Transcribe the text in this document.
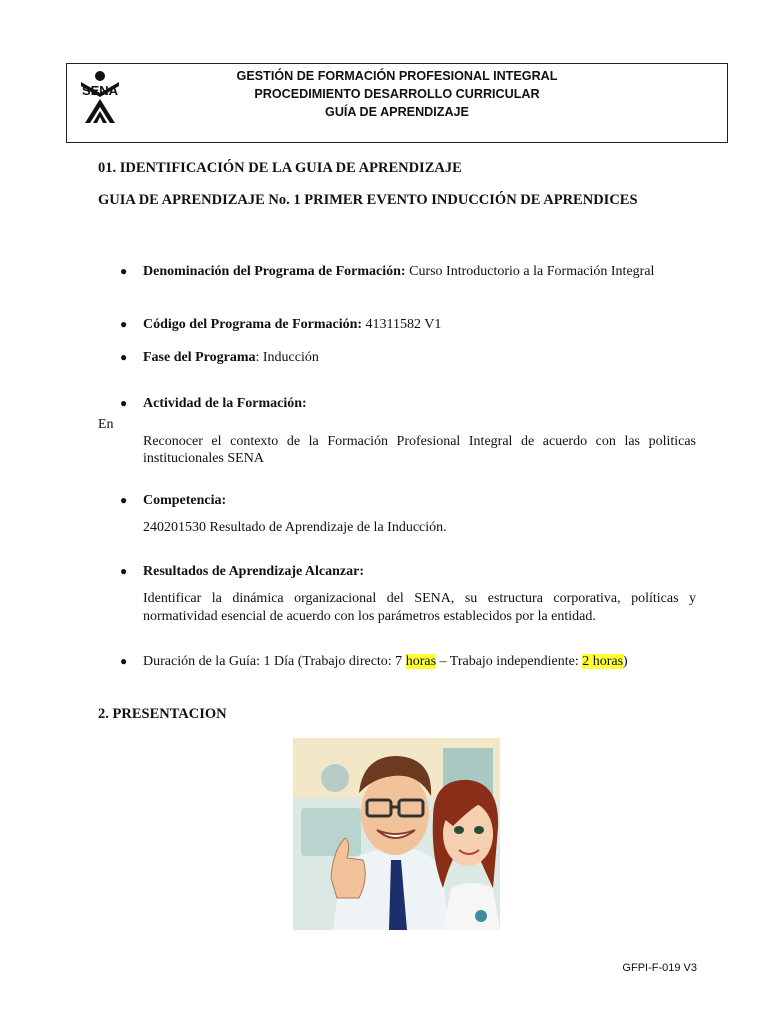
SENA
GESTIÓN DE FORMACIÓN PROFESIONAL INTEGRAL
PROCEDIMIENTO DESARROLLO CURRICULAR
GUÍA DE APRENDIZAJE
01. IDENTIFICACIÓN DE LA GUIA DE APRENDIZAJE
GUIA DE APRENDIZAJE No. 1 PRIMER EVENTO INDUCCIÓN DE APRENDICES
● Denominación del Programa de Formación: Curso Introductorio a la Formación Integral
● Código del Programa de Formación: 41311582 V1
● Fase del Programa: Inducción
● Actividad de la Formación:
En
Reconocer el contexto de la Formación Profesional Integral de acuerdo con las politicas institucionales SENA
● Competencia:
240201530 Resultado de Aprendizaje de la Inducción.
● Resultados de Aprendizaje Alcanzar:
Identificar la dinámica organizacional del SENA, su estructura corporativa, políticas y normatividad esencial de acuerdo con los parámetros establecidos por la entidad.
● Duración de la Guía: 1 Día (Trabajo directo: 7 horas – Trabajo independiente: 2 horas)
2. PRESENTACION
GFPI-F-019 V3
